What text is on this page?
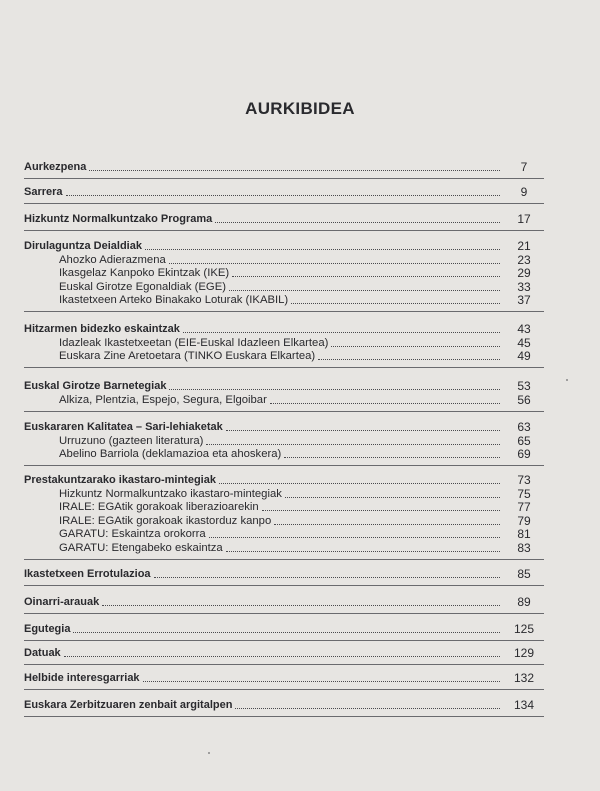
AURKIBIDEA
Aurkezpena	7
Sarrera	9
Hizkuntz Normalkuntzako Programa	17
Dirulaguntza Deialdiak	21
Ahozko Adierazmena	23
Ikasgelaz Kanpoko Ekintzak (IKE)	29
Euskal Girotze Egonaldiak (EGE)	33
Ikastetxeen Arteko Binakako Loturak (IKABIL)	37
Hitzarmen bidezko eskaintzak	43
Idazleak Ikastetxeetan (EIE-Euskal Idazleen Elkartea)	45
Euskara Zine Aretoetara (TINKO Euskara Elkartea)	49
Euskal Girotze Barnetegiak	53
Alkiza, Plentzia, Espejo, Segura, Elgoibar	56
Euskararen Kalitatea – Sari-lehiaketak	63
Urruzuno (gazteen literatura)	65
Abelino Barriola (deklamazioa eta ahoskera)	69
Prestakuntzarako ikastaro-mintegiak	73
Hizkuntz Normalkuntzako ikastaro-mintegiak	75
IRALE: EGAtik gorakoak liberazioarekin	77
IRALE: EGAtik gorakoak ikastorduz kanpo	79
GARATU: Eskaintza orokorra	81
GARATU: Etengabeko eskaintza	83
Ikastetxeen Errotulazioa	85
Oinarri-arauak	89
Egutegia	125
Datuak	129
Helbide interesgarriak	132
Euskara Zerbitzuaren zenbait argitalpen	134
